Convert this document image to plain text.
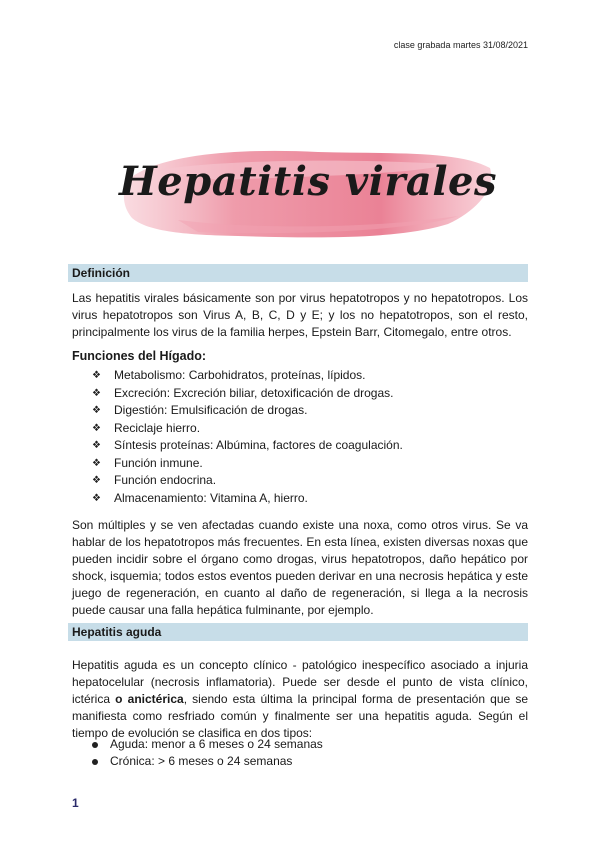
clase grabada martes 31/08/2021
Hepatitis virales
Definición

Las hepatitis virales básicamente son por virus hepatotropos y no hepatotropos. Los virus hepatotropos son Virus A, B, C, D y E; y los no hepatotropos, son el resto, principalmente los virus de la familia herpes, Epstein Barr, Citomegalo, entre otros.

Funciones del Hígado:
❖	Metabolismo: Carbohidratos, proteínas, lípidos.
❖	Excreción: Excreción biliar, detoxificación de drogas.
❖	Digestión: Emulsificación de drogas.
❖	Reciclaje hierro.
❖	Síntesis proteínas: Albúmina, factores de coagulación.
❖	Función inmune.
❖	Función endocrina.
❖	Almacenamiento: Vitamina A, hierro.

Son múltiples y se ven afectadas cuando existe una noxa, como otros virus. Se va hablar de los hepatotropos más frecuentes. En esta línea, existen diversas noxas que pueden incidir sobre el órgano como drogas, virus hepatotropos, daño hepático por shock, isquemia; todos estos eventos pueden derivar en una necrosis hepática y este juego de regeneración, en cuanto al daño de regeneración, si llega a la necrosis puede causar una falla hepática fulminante, por ejemplo.

Hepatitis aguda

Hepatitis aguda es un concepto clínico - patológico inespecífico asociado a injuria hepatocelular (necrosis inflamatoria). Puede ser desde el punto de vista clínico, ictérica o anictérica, siendo esta última la principal forma de presentación que se manifiesta como resfriado común y finalmente ser una hepatitis aguda. Según el tiempo de evolución se clasifica en dos tipos:

Aguda: menor a 6 meses o 24 semanas
Crónica: > 6 meses o 24 semanas
1
